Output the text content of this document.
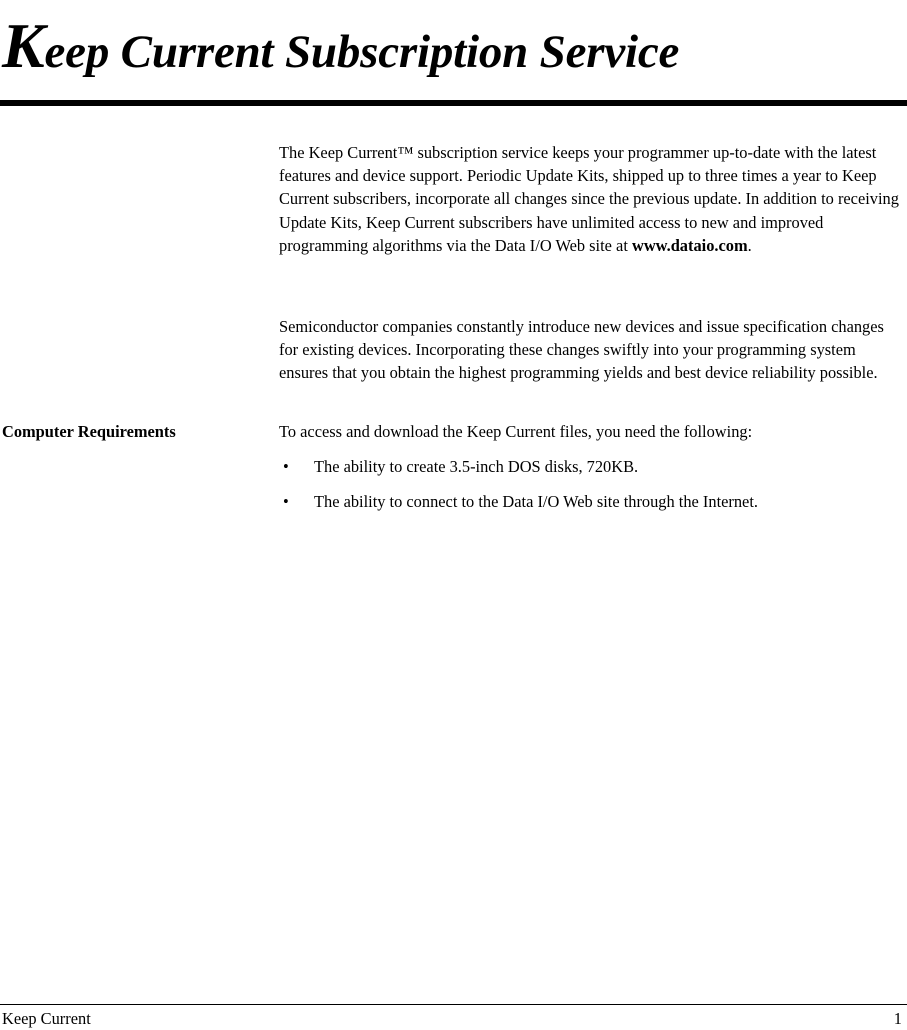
Keep Current Subscription Service

The Keep Current™ subscription service keeps your programmer up-to-date with the latest features and device support. Periodic Update Kits, shipped up to three times a year to Keep Current subscribers, incorporate all changes since the previous update. In addition to receiving Update Kits, Keep Current subscribers have unlimited access to new and improved programming algorithms via the Data I/O Web site at www.dataio.com.

Semiconductor companies constantly introduce new devices and issue specification changes for existing devices. Incorporating these changes swiftly into your programming system ensures that you obtain the highest programming yields and best device reliability possible.

Computer Requirements	To access and download the Keep Current files, you need the following:

• The ability to create 3.5-inch DOS disks, 720KB.
• The ability to connect to the Data I/O Web site through the Internet.
Keep Current	1
